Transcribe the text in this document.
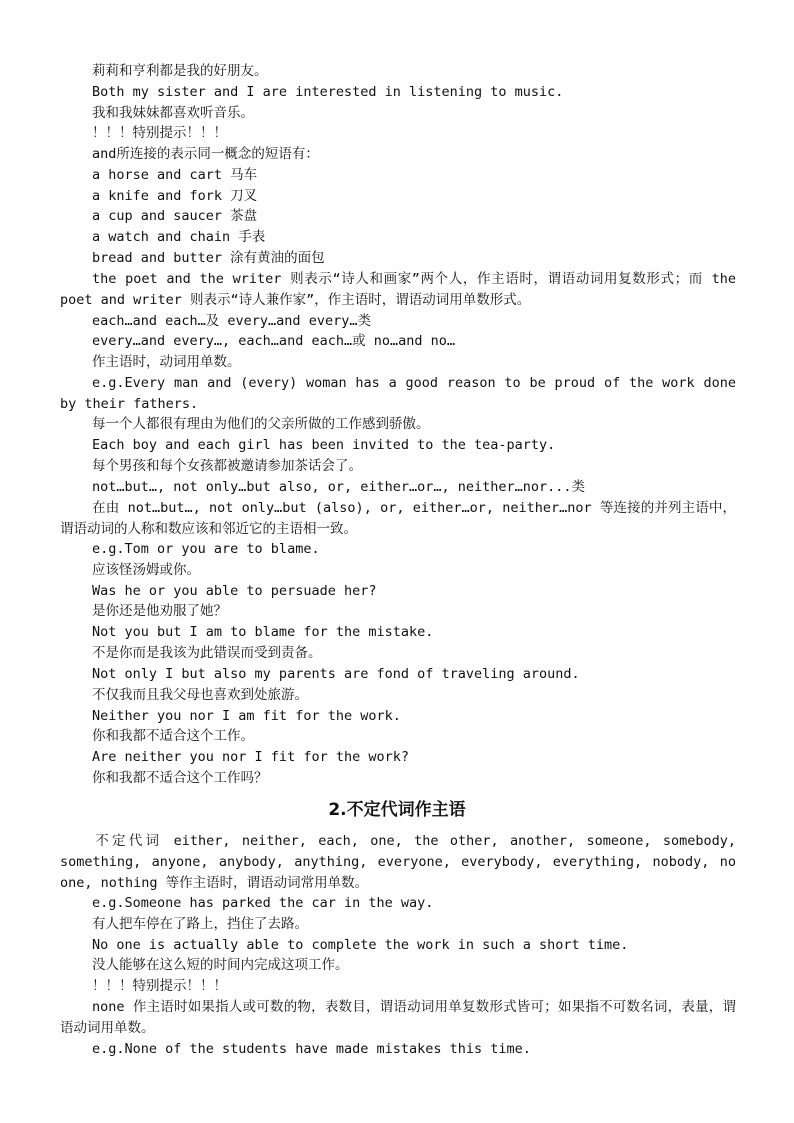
莉莉和亨利都是我的好朋友。
Both my sister and I are interested in listening to music.
我和我妹妹都喜欢听音乐。
！！！特别提示！！！
and所连接的表示同一概念的短语有：
a horse and cart 马车
a knife and fork 刀叉
a cup and saucer 茶盘
a watch and chain 手表
bread and butter 涂有黄油的面包
the poet and the writer 则表示“诗人和画家”两个人，作主语时，谓语动词用复数形式；而 the poet and writer 则表示“诗人兼作家”，作主语时，谓语动词用单数形式。
each…and each…及 every…and every…类
every…and every…, each…and each…或 no…and no…
作主语时，动词用单数。
e.g.Every man and (every) woman has a good reason to be proud of the work done by their fathers.
每一个人都很有理由为他们的父亲所做的工作感到骄傲。
Each boy and each girl has been invited to the tea-party.
每个男孩和每个女孩都被邀请参加茶话会了。
not…but…, not only…but also, or, either…or…, neither…nor...类
在由 not…but…, not only…but (also), or, either…or, neither…nor 等连接的并列主语中，谓语动词的人称和数应该和邻近它的主语相一致。
e.g.Tom or you are to blame.
应该怪汤姆或你。
Was he or you able to persuade her?
是你还是他劝服了她？
Not you but I am to blame for the mistake.
不是你而是我该为此错误而受到责备。
Not only I but also my parents are fond of traveling around.
不仅我而且我父母也喜欢到处旅游。
Neither you nor I am fit for the work.
你和我都不适合这个工作。
Are neither you nor I fit for the work?
你和我都不适合这个工作吗？
2.不定代词作主语
不定代词 either, neither, each, one, the other, another, someone, somebody, something, anyone, anybody, anything, everyone, everybody, everything, nobody, no one, nothing 等作主语时，谓语动词常用单数。
e.g.Someone has parked the car in the way.
有人把车停在了路上，挡住了去路。
No one is actually able to complete the work in such a short time.
没人能够在这么短的时间内完成这项工作。
！！！特别提示！！！
none 作主语时如果指人或可数的物，表数目，谓语动词用单复数形式皆可；如果指不可数名词，表量，谓语动词用单数。
e.g.None of the students have made mistakes this time.
